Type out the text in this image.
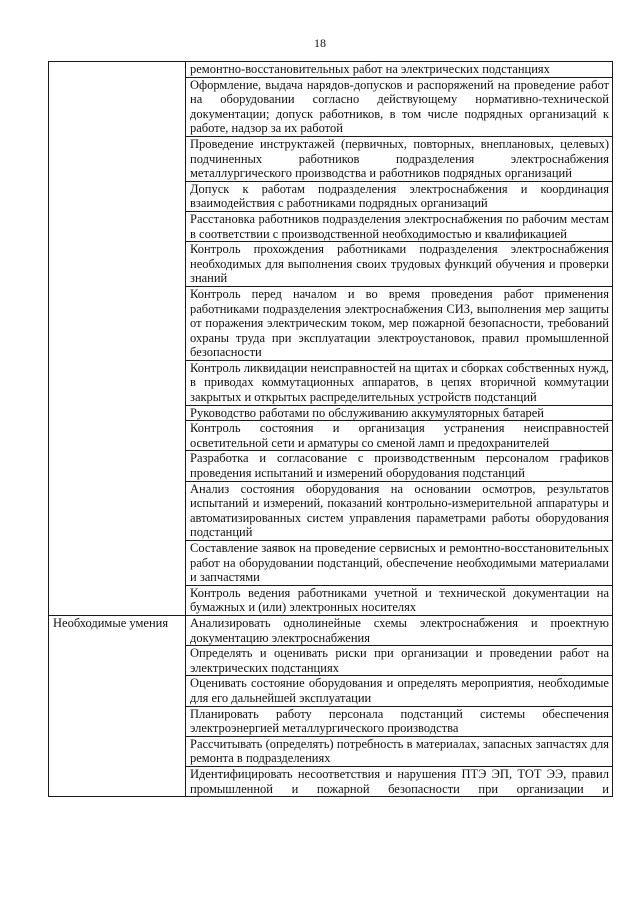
18
	ремонтно-восстановительных работ на электрических подстанциях
	Оформление, выдача нарядов-допусков и распоряжений на проведение работ на оборудовании согласно действующему нормативно-технической документации; допуск работников, в том числе подрядных организаций к работе, надзор за их работой
	Проведение инструктажей (первичных, повторных, внеплановых, целевых) подчиненных работников подразделения электроснабжения металлургического производства и работников подрядных организаций
	Допуск к работам подразделения электроснабжения и координация взаимодействия с работниками подрядных организаций
	Расстановка работников подразделения электроснабжения по рабочим местам в соответствии с производственной необходимостью и квалификацией
	Контроль прохождения работниками подразделения электроснабжения необходимых для выполнения своих трудовых функций обучения и проверки знаний
	Контроль перед началом и во время проведения работ применения работниками подразделения электроснабжения СИЗ, выполнения мер защиты от поражения электрическим током, мер пожарной безопасности, требований охраны труда при эксплуатации электроустановок, правил промышленной безопасности
	Контроль ликвидации неисправностей на щитах и сборках собственных нужд, в приводах коммутационных аппаратов, в цепях вторичной коммутации закрытых и открытых распределительных устройств подстанций
	Руководство работами по обслуживанию аккумуляторных батарей
	Контроль состояния и организация устранения неисправностей осветительной сети и арматуры со сменой ламп и предохранителей
	Разработка и согласование с производственным персоналом графиков проведения испытаний и измерений оборудования подстанций
	Анализ состояния оборудования на основании осмотров, результатов испытаний и измерений, показаний контрольно-измерительной аппаратуры и автоматизированных систем управления параметрами работы оборудования подстанций
	Составление заявок на проведение сервисных и ремонтно-восстановительных работ на оборудовании подстанций, обеспечение необходимыми материалами и запчастями
	Контроль ведения работниками учетной и технической документации на бумажных и (или) электронных носителях
Необходимые умения	Анализировать однолинейные схемы электроснабжения и проектную документацию электроснабжения
	Определять и оценивать риски при организации и проведении работ на электрических подстанциях
	Оценивать состояние оборудования и определять мероприятия, необходимые для его дальнейшей эксплуатации
	Планировать работу персонала подстанций системы обеспечения электроэнергией металлургического производства
	Рассчитывать (определять) потребность в материалах, запасных запчастях для ремонта в подразделениях
	Идентифицировать несоответствия и нарушения ПТЭ ЭП, ТОТ ЭЭ, правил промышленной и пожарной безопасности при организации и
